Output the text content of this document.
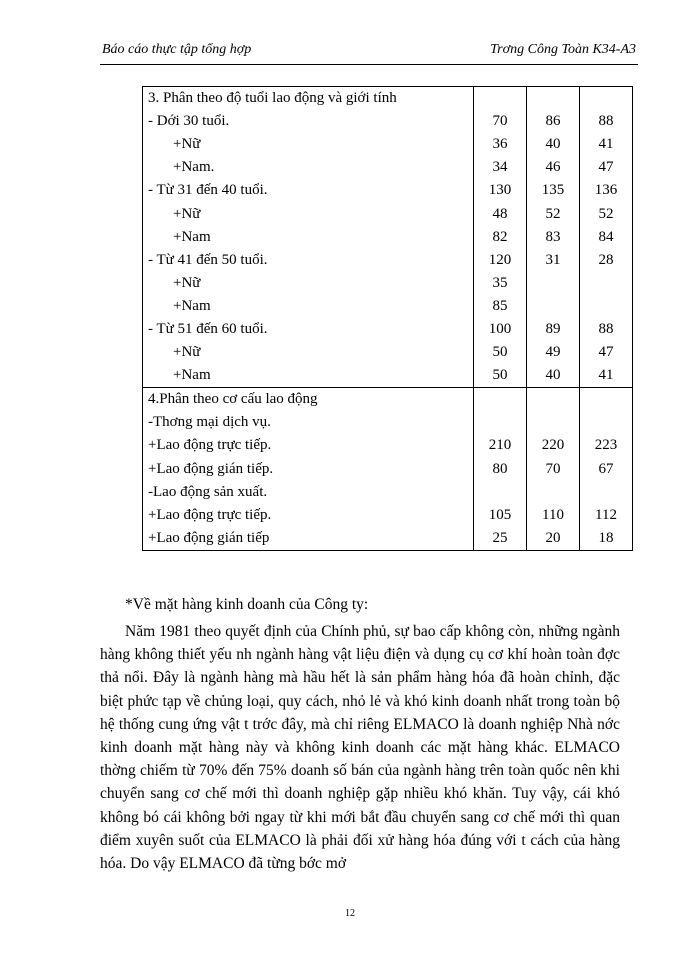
Báo cáo thực tập tổng hợp	Trơng Công Toàn K34-A3
3. Phân theo độ tuổi lao động và giới tính			
- Dới 30 tuổi.	70	86	88
+Nữ	36	40	41
+Nam.	34	46	47
- Từ 31 đến 40 tuổi.	130	135	136
+Nữ	48	52	52
+Nam	82	83	84
- Từ 41 đến 50 tuổi.	120	31	28
+Nữ	35		
+Nam	85		
- Từ 51 đến 60 tuổi.	100	89	88
+Nữ	50	49	47
+Nam	50	40	41
4.Phân theo cơ cấu lao động			
-Thơng mại dịch vụ.			
+Lao động trực tiếp.	210	220	223
+Lao động gián tiếp.	80	70	67
-Lao động sản xuất.			
+Lao động trực tiếp.	105	110	112
+Lao động gián tiếp	25	20	18
*Về mặt hàng kinh doanh của Công ty:

Năm 1981 theo quyết định của Chính phủ, sự bao cấp không còn, những ngành hàng không thiết yếu nh ngành hàng vật liệu điện và dụng cụ cơ khí hoàn toàn đợc thả nổi. Đây là ngành hàng mà hầu hết là sản phẩm hàng hóa đã hoàn chỉnh, đặc biệt phức tạp về chủng loại, quy cách, nhỏ lẻ và khó kinh doanh nhất trong toàn bộ hệ thống cung ứng vật t trớc đây, mà chỉ riêng ELMACO là doanh nghiệp Nhà nớc kinh doanh mặt hàng này và không kinh doanh các mặt hàng khác. ELMACO thờng chiếm từ 70% đến 75% doanh số bán của ngành hàng trên toàn quốc nên khi chuyển sang cơ chế mới thì doanh nghiệp gặp nhiều khó khăn. Tuy vậy, cái khó không bó cái không bởi ngay từ khi mới bắt đầu chuyển sang cơ chế mới thì quan điểm xuyên suốt của ELMACO là phải đối xử hàng hóa đúng với t cách của hàng hóa. Do vậy ELMACO đã từng bớc mở

12
